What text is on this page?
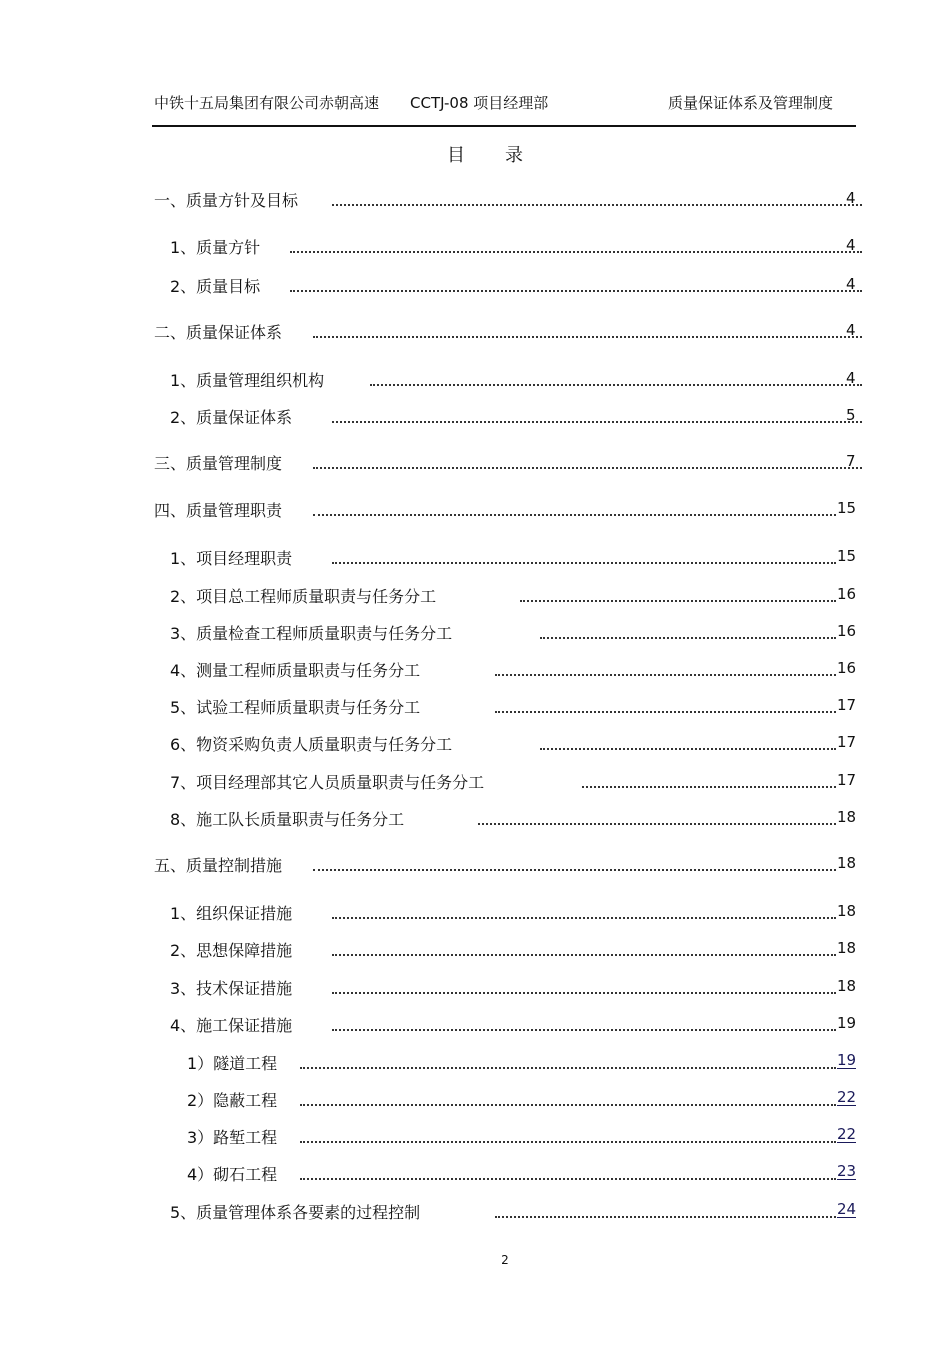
中铁十五局集团有限公司赤朝高速 CCTJ-08 项目经理部	质量保证体系及管理制度
目录
一、质量方针及目标	4
1、质量方针	4
2、质量目标	4
二、质量保证体系	4
1、质量管理组织机构	4
2、质量保证体系	5
三、质量管理制度	7
四、质量管理职责	15
1、项目经理职责	15
2、项目总工程师质量职责与任务分工	16
3、质量检查工程师质量职责与任务分工	16
4、测量工程师质量职责与任务分工	16
5、试验工程师质量职责与任务分工	17
6、物资采购负责人质量职责与任务分工	17
7、项目经理部其它人员质量职责与任务分工	17
8、施工队长质量职责与任务分工	18
五、质量控制措施	18
1、组织保证措施	18
2、思想保障措施	18
3、技术保证措施	18
4、施工保证措施	19
1）隧道工程	19
2）隐蔽工程	22
3）路堑工程	22
4）砌石工程	23
5、质量管理体系各要素的过程控制	24
2
